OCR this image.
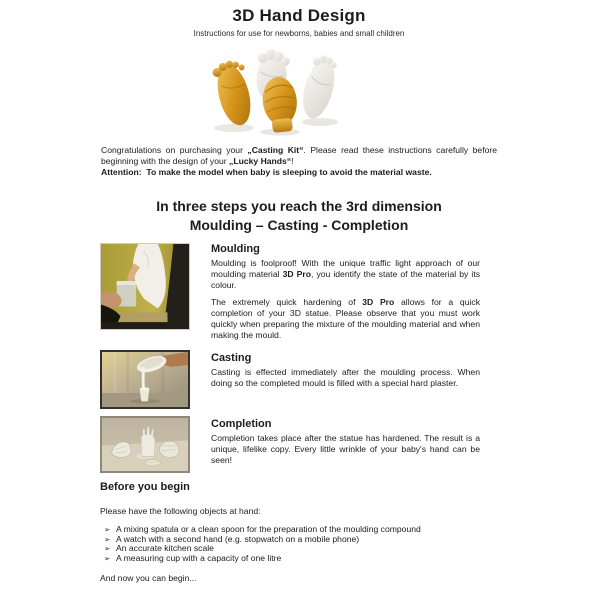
3D Hand Design
Instructions for use for newborns, babies and small children

Congratulations on purchasing your „Casting Kit“. Please read these instructions carefully before beginning with the design of your „Lucky Hands“!

Attention:  To make the model when baby is sleeping to avoid the material waste.

In three steps you reach the 3rd dimension
Moulding – Casting - Completion
Moulding

Moulding is foolproof! With the unique traffic light approach of our moulding material 3D Pro, you identify the state of the material by its colour.

The extremely quick hardening of 3D Pro allows for a quick completion of your 3D statue. Please observe that you must work quickly when preparing the mixture of the moulding material and when making the mould.

Casting

Casting is effected immediately after the moulding process. When doing so the completed mould is filled with a special hard plaster.

Completion

Completion takes place after the statue has hardened. The result is a unique, lifelike copy. Every little wrinkle of your baby's hand can be seen!

Before you begin
Please have the following objects at hand:
➢ A mixing spatula or a clean spoon for the preparation of the moulding compound
➢ A watch with a second hand (e.g. stopwatch on a mobile phone)
➢ An accurate kitchen scale
➢ A measuring cup with a capacity of one litre
And now you can begin...
